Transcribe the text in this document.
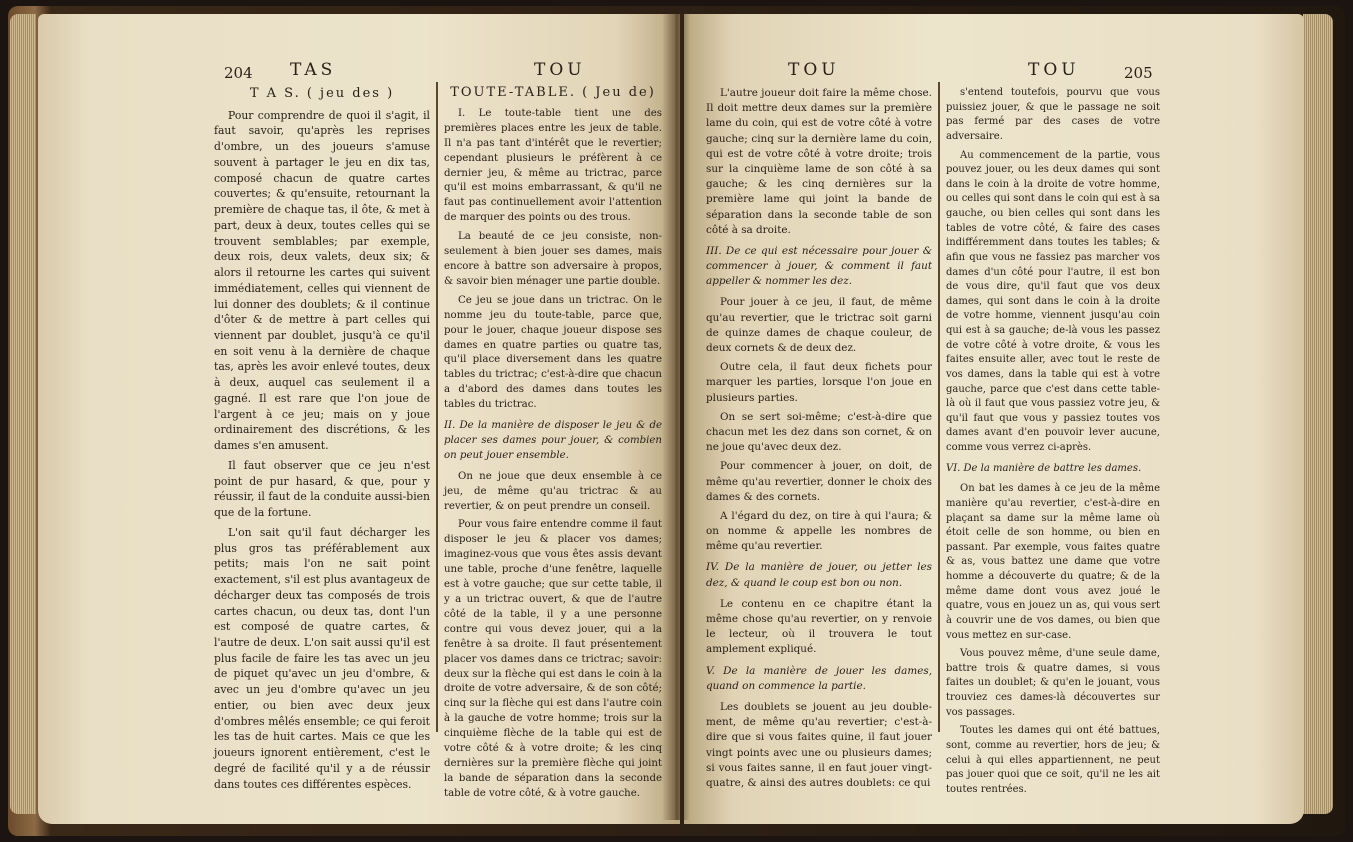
204 TAS	TOU
T A S. ( jeu des )

Pour comprendre de quoi il s'agit, il faut savoir, qu'après les reprises d'ombre, un des joueurs s'amuse souvent à partager le jeu en dix tas, composé chacun de quatre cartes couvertes; & qu'ensuite, retournant la première de chaque tas, il ôte, & met à part, deux à deux, toutes celles qui se trouvent semblables; par exemple, deux rois, deux valets, deux six; & alors il retourne les cartes qui suivent immédiatement, celles qui viennent de lui donner des doublets; & il continue d'ôter & de mettre à part celles qui viennent par doublet, jusqu'à ce qu'il en soit venu à la dernière de chaque tas, après les avoir enlevé toutes, deux à deux, auquel cas seulement il a gagné. Il est rare que l'on joue de l'argent à ce jeu; mais on y joue ordinairement des discrétions, & les dames s'en amusent.

Il faut observer que ce jeu n'est point de pur hasard, & que, pour y réussir, il faut de la conduite aussi-bien que de la fortune.

L'on sait qu'il faut décharger les plus gros tas préférablement aux petits; mais l'on ne sait point exactement, s'il est plus avantageux de décharger deux tas composés de trois cartes chacun, ou deux tas, dont l'un est composé de quatre cartes, & l'autre de deux. L'on sait aussi qu'il est plus facile de faire les tas avec un jeu de piquet qu'avec un jeu d'ombre, & avec un jeu d'ombre qu'avec un jeu entier, ou bien avec deux jeux d'ombres mêlés ensemble; ce qui feroit les tas de huit cartes. Mais ce que les joueurs ignorent entièrement, c'est le degré de facilité qu'il y a de réussir dans toutes ces différentes espèces.

TOUTE-TABLE. ( Jeu de)

I. Le toute-table tient une des premières places entre les jeux de table. Il n'a pas tant d'intérêt que le revertier; cependant plusieurs le préfèrent à ce dernier jeu, & même au trictrac, parce qu'il est moins embarrassant, & qu'il ne faut pas continuellement avoir l'attention de marquer des points ou des trous.

La beauté de ce jeu consiste, non-seulement à bien jouer ses dames, mais encore à battre son adversaire à propos, & savoir bien ménager une partie double.

Ce jeu se joue dans un trictrac. On le nomme jeu du toute-table, parce que, pour le jouer, chaque joueur dispose ses dames en quatre parties ou quatre tas, qu'il place diversement dans les quatre tables du trictrac; c'est-à-dire que chacun a d'abord des dames dans toutes les tables du trictrac.

II. De la manière de disposer le jeu & de placer ses dames pour jouer, & combien on peut jouer ensemble.

On ne joue que deux ensemble à ce jeu, de même qu'au trictrac & au revertier, & on peut prendre un conseil.

Pour vous faire entendre comme il faut disposer le jeu & placer vos dames; imaginez-vous que vous êtes assis devant une table, proche d'une fenêtre, laquelle est à votre gauche; que sur cette table, il y a un trictrac ouvert, & que de l'autre côté de la table, il y a une personne contre qui vous devez jouer, qui a la fenêtre à sa droite. Il faut présentement placer vos dames dans ce trictrac; savoir: deux sur la flèche qui est dans le coin à la droite de votre adversaire, & de son côté; cinq sur la flèche qui est dans l'autre coin à la gauche de votre homme; trois sur la cinquième flèche de la table qui est de votre côté & à votre droite; & les cinq dernières sur la première flèche qui joint la bande de séparation dans la seconde table de votre côté, & à votre gauche.

TOU	TOU	205

L'autre joueur doit faire la même chose. Il doit mettre deux dames sur la première lame du coin, qui est de votre côté à votre gauche; cinq sur la dernière lame du coin, qui est de votre côté à votre droite; trois sur la cinquième lame de son côté à sa gauche; & les cinq dernières sur la première lame qui joint la bande de séparation dans la seconde table de son côté à sa droite.

III. De ce qui est nécessaire pour jouer & commencer à jouer, & comment il faut appeller & nommer les dez.

Pour jouer à ce jeu, il faut, de même qu'au revertier, que le trictrac soit garni de quinze dames de chaque couleur, de deux cornets & de deux dez.

Outre cela, il faut deux fichets pour marquer les parties, lorsque l'on joue en plusieurs parties.

On se sert soi-même; c'est-à-dire que chacun met les dez dans son cornet, & on ne joue qu'avec deux dez.

Pour commencer à jouer, on doit, de même qu'au revertier, donner le choix des dames & des cornets.

A l'égard du dez, on tire à qui l'aura; & on nomme & appelle les nombres de même qu'au revertier.

IV. De la manière de jouer, ou jetter les dez, & quand le coup est bon ou non.

Le contenu en ce chapitre étant la même chose qu'au revertier, on y renvoie le lecteur, où il trouvera le tout amplement expliqué.

V. De la manière de jouer les dames, quand on commence la partie.

Les doublets se jouent au jeu double-ment, de même qu'au revertier; c'est-à-dire que si vous faites quine, il faut jouer vingt points avec une ou plusieurs dames; si vous faites sanne, il en faut jouer vingt-quatre, & ainsi des autres doublets: ce qui

s'entend toutefois, pourvu que vous puissiez jouer, & que le passage ne soit pas fermé par des cases de votre adversaire.

Au commencement de la partie, vous pouvez jouer, ou les deux dames qui sont dans le coin à la droite de votre homme, ou celles qui sont dans le coin qui est à sa gauche, ou bien celles qui sont dans les tables de votre côté, & faire des cases indifféremment dans toutes les tables; & afin que vous ne fassiez pas marcher vos dames d'un côté pour l'autre, il est bon de vous dire, qu'il faut que vos deux dames, qui sont dans le coin à la droite de votre homme, viennent jusqu'au coin qui est à sa gauche; de-là vous les passez de votre côté à votre droite, & vous les faites ensuite aller, avec tout le reste de vos dames, dans la table qui est à votre gauche, parce que c'est dans cette table-là où il faut que vous passiez votre jeu, & qu'il faut que vous y passiez toutes vos dames avant d'en pouvoir lever aucune, comme vous verrez ci-après.

VI. De la manière de battre les dames.

On bat les dames à ce jeu de la même manière qu'au revertier, c'est-à-dire en plaçant sa dame sur la même lame où étoit celle de son homme, ou bien en passant. Par exemple, vous faites quatre & as, vous battez une dame que votre homme a découverte du quatre; & de la même dame dont vous avez joué le quatre, vous en jouez un as, qui vous sert à couvrir une de vos dames, ou bien que vous mettez en sur-case.

Vous pouvez même, d'une seule dame, battre trois & quatre dames, si vous faites un doublet; & qu'en le jouant, vous trouviez ces dames-là découvertes sur vos passages.

Toutes les dames qui ont été battues, sont, comme au revertier, hors de jeu; & celui à qui elles appartiennent, ne peut pas jouer quoi que ce soit, qu'il ne les ait toutes rentrées.
